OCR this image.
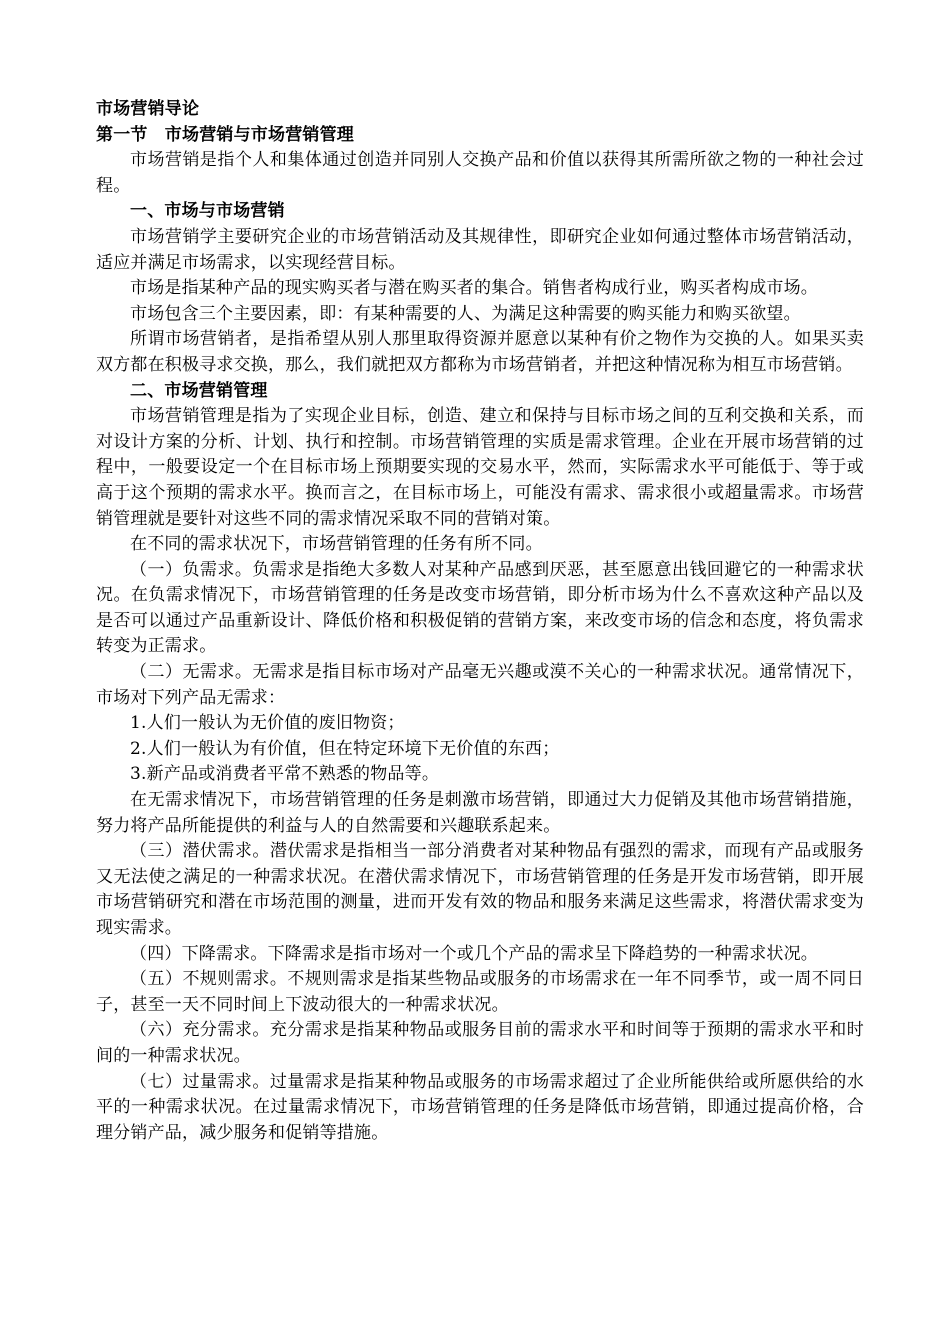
市场营销导论

第一节　市场营销与市场营销管理

市场营销是指个人和集体通过创造并同别人交换产品和价值以获得其所需所欲之物的一种社会过程。

一、市场与市场营销

市场营销学主要研究企业的市场营销活动及其规律性，即研究企业如何通过整体市场营销活动，适应并满足市场需求，以实现经营目标。

市场是指某种产品的现实购买者与潜在购买者的集合。销售者构成行业，购买者构成市场。

市场包含三个主要因素，即：有某种需要的人、为满足这种需要的购买能力和购买欲望。

所谓市场营销者，是指希望从别人那里取得资源并愿意以某种有价之物作为交换的人。如果买卖双方都在积极寻求交换，那么，我们就把双方都称为市场营销者，并把这种情况称为相互市场营销。

二、市场营销管理

市场营销管理是指为了实现企业目标，创造、建立和保持与目标市场之间的互利交换和关系，而对设计方案的分析、计划、执行和控制。市场营销管理的实质是需求管理。企业在开展市场营销的过程中，一般要设定一个在目标市场上预期要实现的交易水平，然而，实际需求水平可能低于、等于或高于这个预期的需求水平。换而言之，在目标市场上，可能没有需求、需求很小或超量需求。市场营销管理就是要针对这些不同的需求情况采取不同的营销对策。

在不同的需求状况下，市场营销管理的任务有所不同。

（一）负需求。负需求是指绝大多数人对某种产品感到厌恶，甚至愿意出钱回避它的一种需求状况。在负需求情况下，市场营销管理的任务是改变市场营销，即分析市场为什么不喜欢这种产品以及是否可以通过产品重新设计、降低价格和积极促销的营销方案，来改变市场的信念和态度，将负需求转变为正需求。

（二）无需求。无需求是指目标市场对产品毫无兴趣或漠不关心的一种需求状况。通常情况下，市场对下列产品无需求：

1.人们一般认为无价值的废旧物资；

2.人们一般认为有价值，但在特定环境下无价值的东西；

3.新产品或消费者平常不熟悉的物品等。

在无需求情况下，市场营销管理的任务是刺激市场营销，即通过大力促销及其他市场营销措施，努力将产品所能提供的利益与人的自然需要和兴趣联系起来。

（三）潜伏需求。潜伏需求是指相当一部分消费者对某种物品有强烈的需求，而现有产品或服务又无法使之满足的一种需求状况。在潜伏需求情况下，市场营销管理的任务是开发市场营销，即开展市场营销研究和潜在市场范围的测量，进而开发有效的物品和服务来满足这些需求，将潜伏需求变为现实需求。

（四）下降需求。下降需求是指市场对一个或几个产品的需求呈下降趋势的一种需求状况。

（五）不规则需求。不规则需求是指某些物品或服务的市场需求在一年不同季节，或一周不同日子，甚至一天不同时间上下波动很大的一种需求状况。

（六）充分需求。充分需求是指某种物品或服务目前的需求水平和时间等于预期的需求水平和时间的一种需求状况。

（七）过量需求。过量需求是指某种物品或服务的市场需求超过了企业所能供给或所愿供给的水平的一种需求状况。在过量需求情况下，市场营销管理的任务是降低市场营销，即通过提高价格，合理分销产品，减少服务和促销等措施。
